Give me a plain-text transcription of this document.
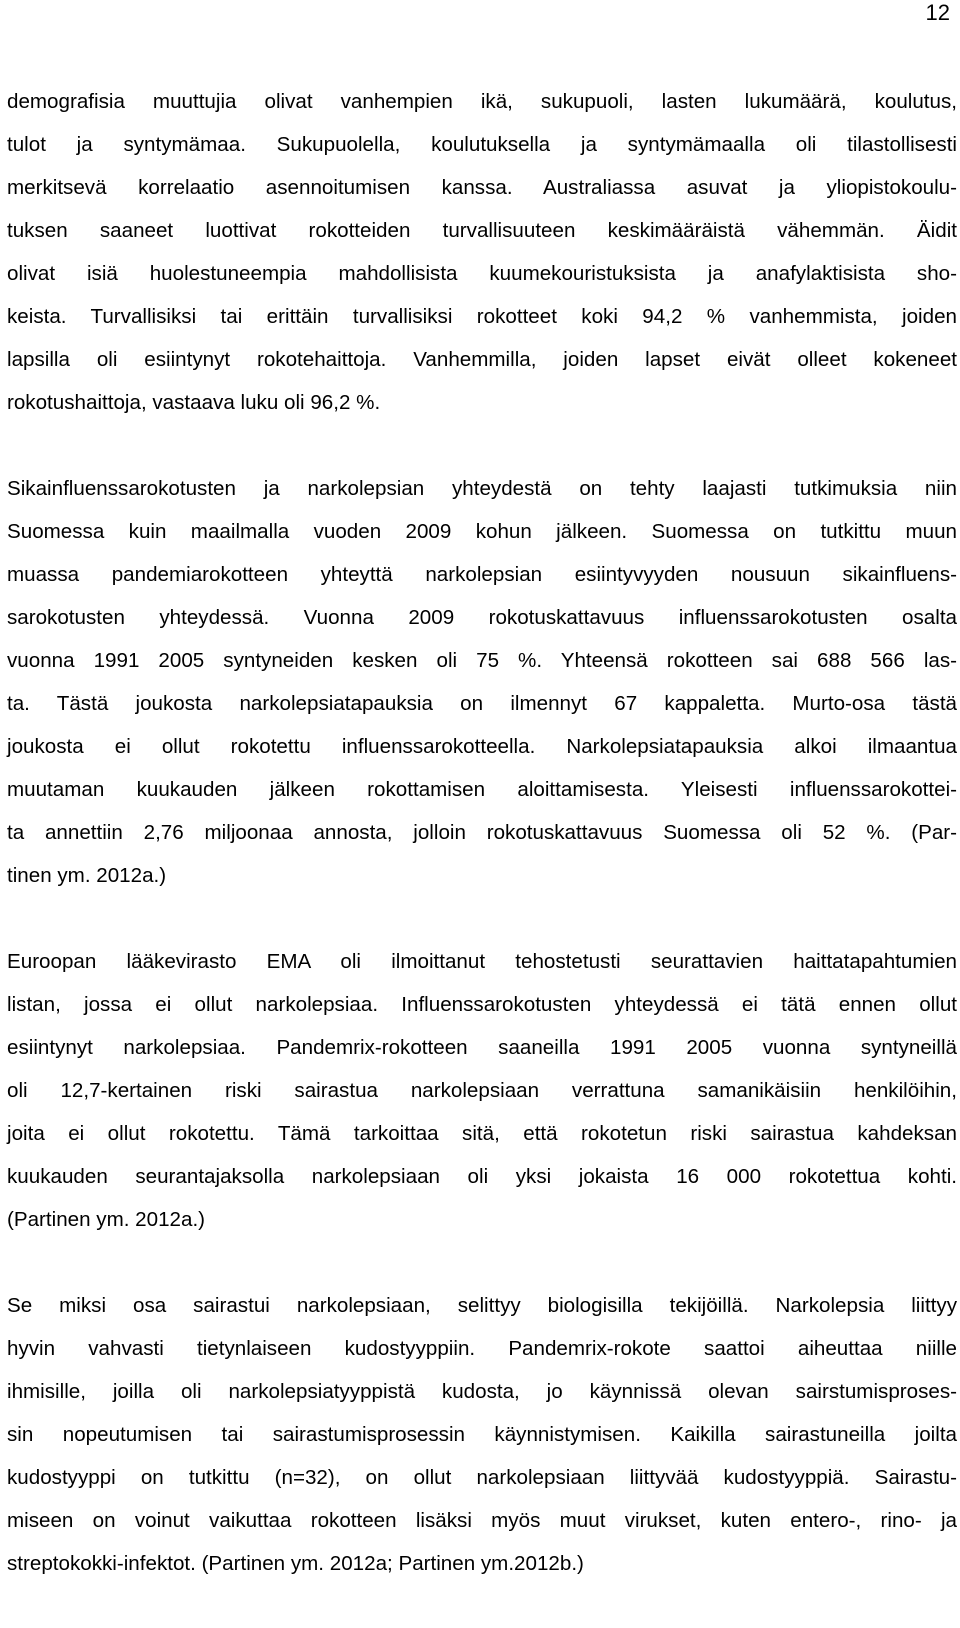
12
demografisia muuttujia olivat vanhempien ikä, sukupuoli, lasten lukumäärä, koulutus,
tulot ja syntymämaa. Sukupuolella, koulutuksella ja syntymämaalla oli tilastollisesti
merkitsevä korrelaatio asennoitumisen kanssa. Australiassa asuvat ja yliopistokoulu-
tuksen saaneet luottivat rokotteiden turvallisuuteen keskimääräistä vähemmän. Äidit
olivat isiä huolestuneempia mahdollisista kuumekouristuksista ja anafylaktisista sho-
keista. Turvallisiksi tai erittäin turvallisiksi rokotteet koki 94,2 % vanhemmista, joiden
lapsilla oli esiintynyt rokotehaittoja. Vanhemmilla, joiden lapset eivät olleet kokeneet
rokotushaittoja, vastaava luku oli 96,2 %.
Sikainfluenssarokotusten ja narkolepsian yhteydestä on tehty laajasti tutkimuksia niin
Suomessa kuin maailmalla vuoden 2009 kohun jälkeen. Suomessa on tutkittu muun
muassa pandemiarokotteen yhteyttä narkolepsian esiintyvyyden nousuun sikainfluens-
sarokotusten yhteydessä. Vuonna 2009 rokotuskattavuus influenssarokotusten osalta
vuonna 1991 2005 syntyneiden kesken oli 75 %. Yhteensä rokotteen sai 688 566 las-
ta. Tästä joukosta narkolepsiatapauksia on ilmennyt 67 kappaletta. Murto-osa tästä
joukosta ei ollut rokotettu influenssarokotteella. Narkolepsiatapauksia alkoi ilmaantua
muutaman kuukauden jälkeen rokottamisen aloittamisesta. Yleisesti influenssarokottei-
ta annettiin 2,76 miljoonaa annosta, jolloin rokotuskattavuus Suomessa oli 52 %. (Par-
tinen ym. 2012a.)
Euroopan lääkevirasto EMA oli ilmoittanut tehostetusti seurattavien haittatapahtumien
listan, jossa ei ollut narkolepsiaa. Influenssarokotusten yhteydessä ei tätä ennen ollut
esiintynyt narkolepsiaa. Pandemrix-rokotteen saaneilla 1991 2005 vuonna syntyneillä
oli 12,7-kertainen riski sairastua narkolepsiaan verrattuna samanikäisiin henkilöihin,
joita ei ollut rokotettu. Tämä tarkoittaa sitä, että rokotetun riski sairastua kahdeksan
kuukauden seurantajaksolla narkolepsiaan oli yksi jokaista 16 000 rokotettua kohti.
(Partinen ym. 2012a.)
Se miksi osa sairastui narkolepsiaan, selittyy biologisilla tekijöillä. Narkolepsia liittyy
hyvin vahvasti tietynlaiseen kudostyyppiin. Pandemrix-rokote saattoi aiheuttaa niille
ihmisille, joilla oli narkolepsiatyyppistä kudosta, jo käynnissä olevan sairstumisproses-
sin nopeutumisen tai sairastumisprosessin käynnistymisen. Kaikilla sairastuneilla joilta
kudostyyppi on tutkittu (n=32), on ollut narkolepsiaan liittyvää kudostyyppiä. Sairastu-
miseen on voinut vaikuttaa rokotteen lisäksi myös muut virukset, kuten entero-, rino- ja
streptokokki-infektot. (Partinen ym. 2012a; Partinen ym.2012b.)
